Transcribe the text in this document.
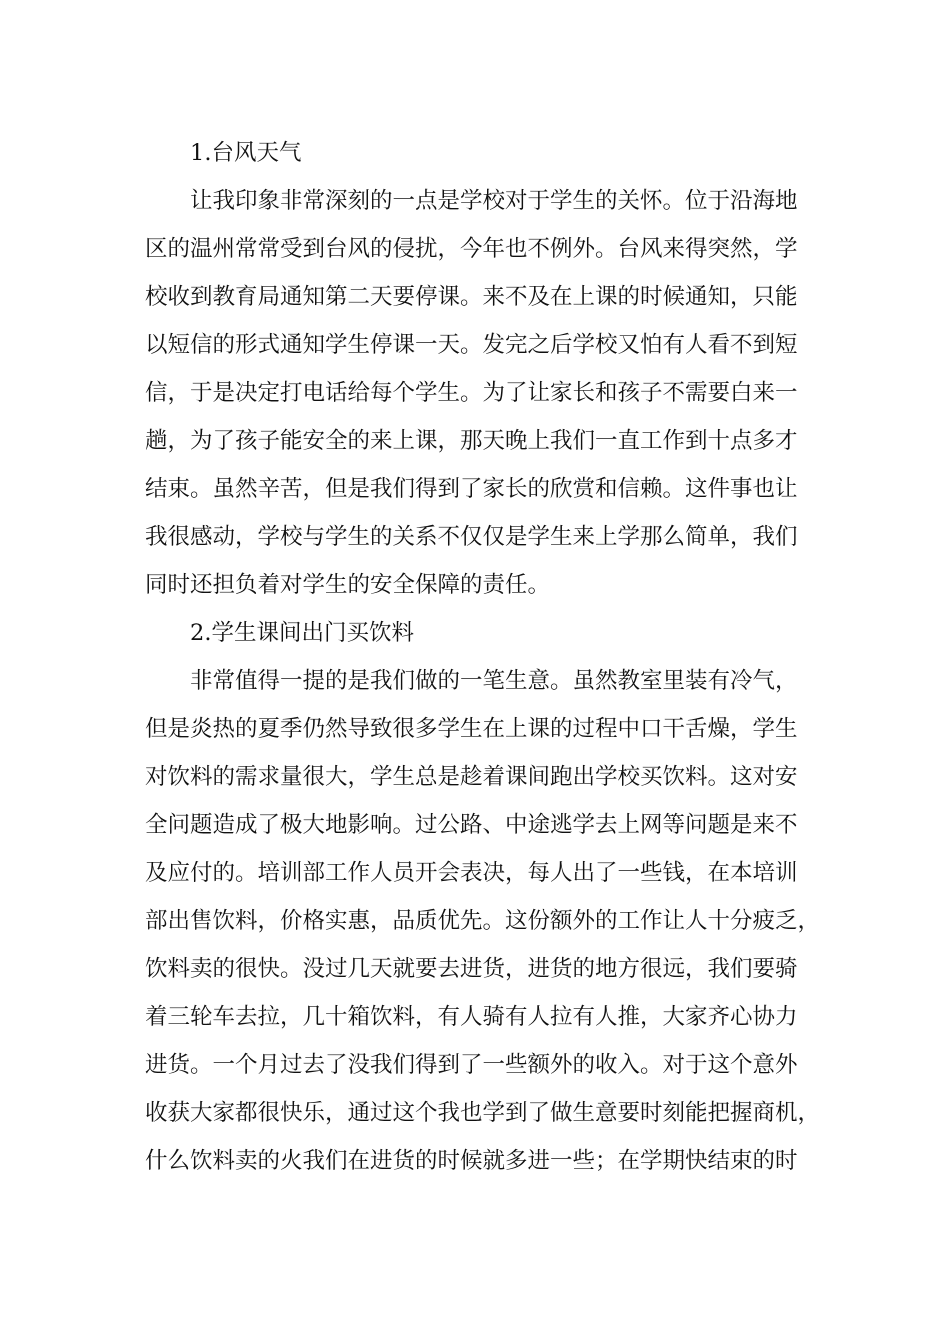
1.台风天气
让我印象非常深刻的一点是学校对于学生的关怀。位于沿海地
区的温州常常受到台风的侵扰，今年也不例外。台风来得突然，学
校收到教育局通知第二天要停课。来不及在上课的时候通知，只能
以短信的形式通知学生停课一天。发完之后学校又怕有人看不到短
信，于是决定打电话给每个学生。为了让家长和孩子不需要白来一
趟，为了孩子能安全的来上课，那天晚上我们一直工作到十点多才
结束。虽然辛苦，但是我们得到了家长的欣赏和信赖。这件事也让
我很感动，学校与学生的关系不仅仅是学生来上学那么简单，我们
同时还担负着对学生的安全保障的责任。
2.学生课间出门买饮料
非常值得一提的是我们做的一笔生意。虽然教室里装有冷气，
但是炎热的夏季仍然导致很多学生在上课的过程中口干舌燥，学生
对饮料的需求量很大，学生总是趁着课间跑出学校买饮料。这对安
全问题造成了极大地影响。过公路、中途逃学去上网等问题是来不
及应付的。培训部工作人员开会表决，每人出了一些钱，在本培训
部出售饮料，价格实惠，品质优先。这份额外的工作让人十分疲乏，
饮料卖的很快。没过几天就要去进货，进货的地方很远，我们要骑
着三轮车去拉，几十箱饮料，有人骑有人拉有人推，大家齐心协力
进货。一个月过去了没我们得到了一些额外的收入。对于这个意外
收获大家都很快乐，通过这个我也学到了做生意要时刻能把握商机，
什么饮料卖的火我们在进货的时候就多进一些；在学期快结束的时
